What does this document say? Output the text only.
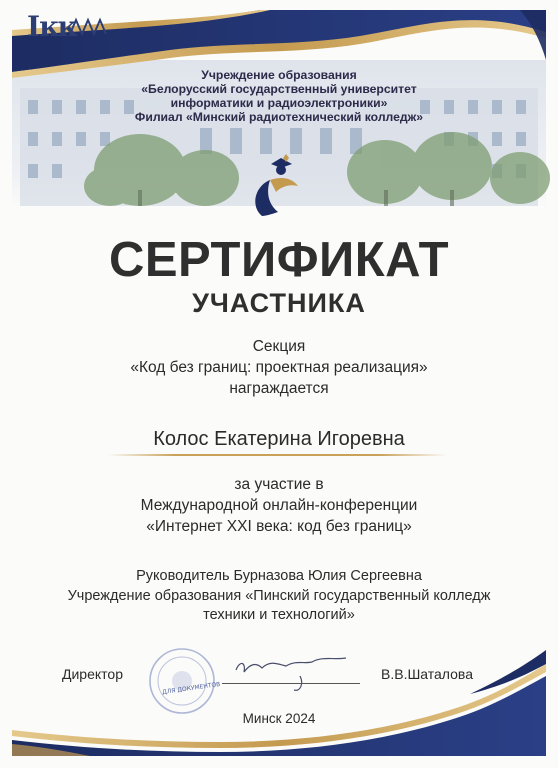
Ιĸĸ
Учреждение образования
«Белорусский государственный университет
информатики и радиоэлектроники»
Филиал «Минский радиотехнический колледж»
СЕРТИФИКАТ
УЧАСТНИКА
Секция
«Код без границ: проектная реализация»
награждается
Колос Екатерина Игоревна
за участие в
Международной онлайн-конференции
«Интернет XXI века: код без границ»
Руководитель Бурназова Юлия Сергеевна
Учреждение образования «Пинский государственный колледж
техники и технологий»
Директор	В.В.Шаталова
ДЛЯ ДОКУМЕНТОВ
Минск 2024
